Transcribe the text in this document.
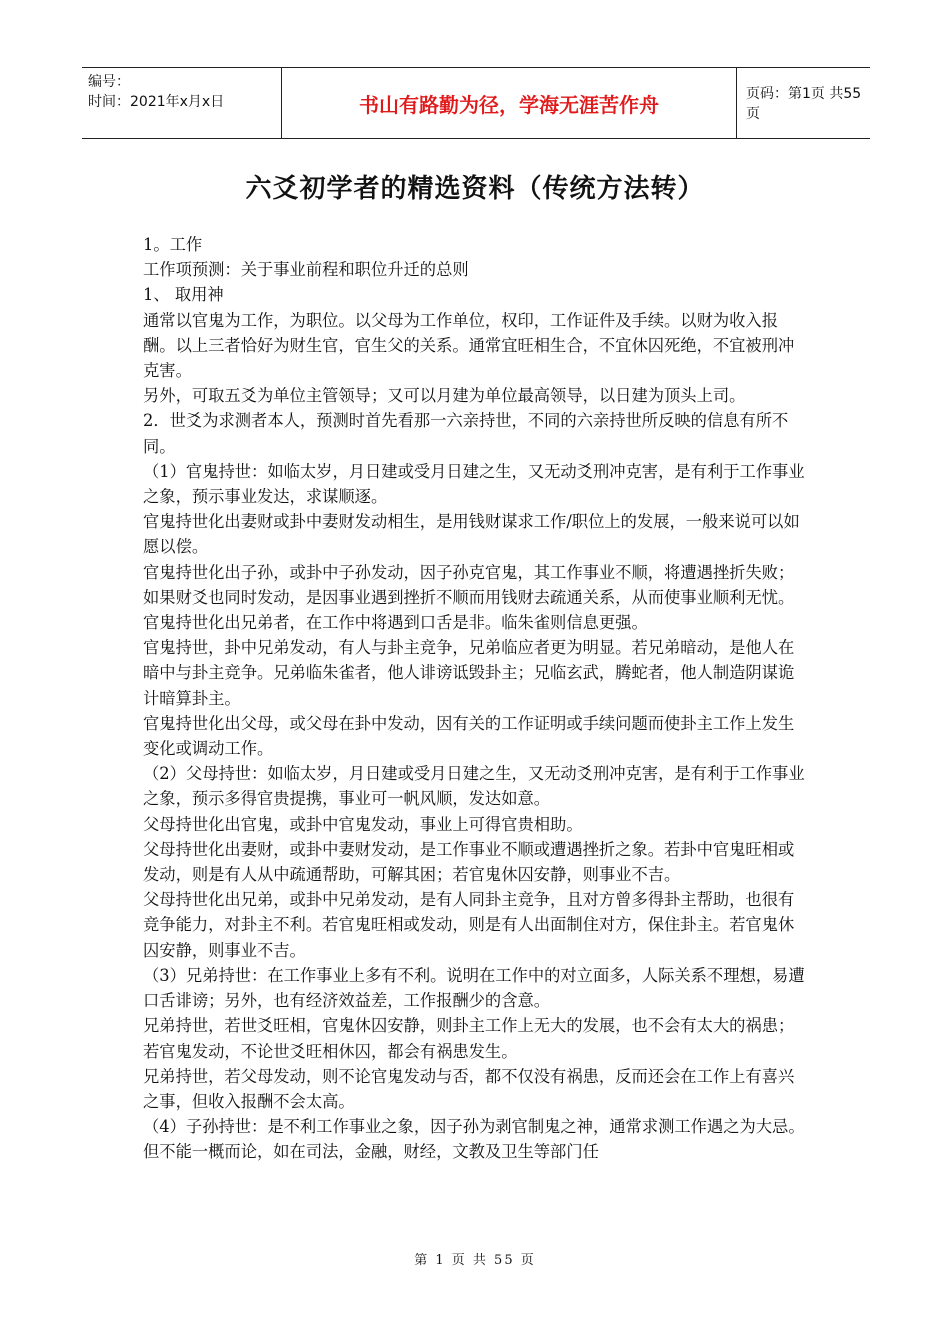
编号：
时间：2021年x月x日	书山有路勤为径，学海无涯苦作舟	页码：第1页 共55页
六爻初学者的精选资料（传统方法转）

1。工作

工作项预测：关于事业前程和职位升迁的总则

1、 取用神

通常以官鬼为工作，为职位。以父母为工作单位，权印，工作证件及手续。以财为收入报酬。以上三者恰好为财生官，官生父的关系。通常宜旺相生合，不宜休囚死绝，不宜被刑冲克害。

另外，可取五爻为单位主管领导；又可以月建为单位最高领导，以日建为顶头上司。

2．世爻为求测者本人，预测时首先看那一六亲持世，不同的六亲持世所反映的信息有所不同。

（1）官鬼持世：如临太岁，月日建或受月日建之生，又无动爻刑冲克害，是有利于工作事业之象，预示事业发达，求谋顺逐。

官鬼持世化出妻财或卦中妻财发动相生，是用钱财谋求工作/职位上的发展，一般来说可以如愿以偿。

官鬼持世化出子孙，或卦中子孙发动，因子孙克官鬼，其工作事业不顺，将遭遇挫折失败；如果财爻也同时发动，是因事业遇到挫折不顺而用钱财去疏通关系，从而使事业顺利无忧。

官鬼持世化出兄弟者，在工作中将遇到口舌是非。临朱雀则信息更强。

官鬼持世，卦中兄弟发动，有人与卦主竞争，兄弟临应者更为明显。若兄弟暗动，是他人在暗中与卦主竞争。兄弟临朱雀者，他人诽谤诋毁卦主；兄临玄武，腾蛇者，他人制造阴谋诡计暗算卦主。

官鬼持世化出父母，或父母在卦中发动，因有关的工作证明或手续问题而使卦主工作上发生变化或调动工作。

（2）父母持世：如临太岁，月日建或受月日建之生，又无动爻刑冲克害，是有利于工作事业之象，预示多得官贵提携，事业可一帆风顺，发达如意。

父母持世化出官鬼，或卦中官鬼发动，事业上可得官贵相助。

父母持世化出妻财，或卦中妻财发动，是工作事业不顺或遭遇挫折之象。若卦中官鬼旺相或发动，则是有人从中疏通帮助，可解其困；若官鬼休囚安静，则事业不吉。

父母持世化出兄弟，或卦中兄弟发动，是有人同卦主竞争，且对方曾多得卦主帮助，也很有竞争能力，对卦主不利。若官鬼旺相或发动，则是有人出面制住对方，保住卦主。若官鬼休囚安静，则事业不吉。

（3）兄弟持世：在工作事业上多有不利。说明在工作中的对立面多，人际关系不理想，易遭口舌诽谤；另外，也有经济效益差，工作报酬少的含意。

兄弟持世，若世爻旺相，官鬼休囚安静，则卦主工作上无大的发展，也不会有太大的祸患；若官鬼发动，不论世爻旺相休囚，都会有祸患发生。

兄弟持世，若父母发动，则不论官鬼发动与否，都不仅没有祸患，反而还会在工作上有喜兴之事，但收入报酬不会太高。

（4）子孙持世：是不利工作事业之象，因子孙为剥官制鬼之神，通常求测工作遇之为大忌。但不能一概而论，如在司法，金融，财经，文教及卫生等部门任

第 1 页 共 55 页
